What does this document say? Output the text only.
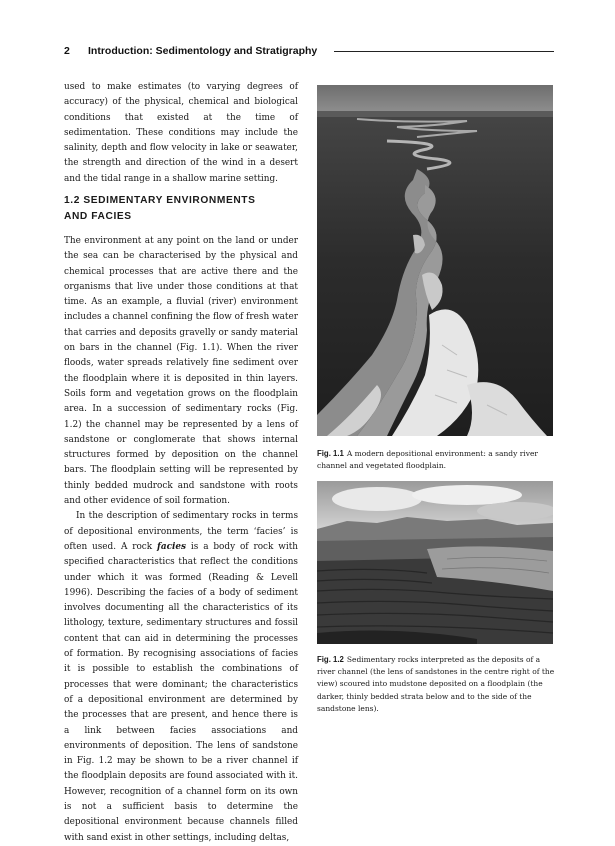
2 Introduction: Sedimentology and Stratigraphy

used to make estimates (to varying degrees of accuracy) of the physical, chemical and biological conditions that existed at the time of sedimentation. These conditions may include the salinity, depth and flow velocity in lake or seawater, the strength and direction of the wind in a desert and the tidal range in a shallow marine setting.

1.2 SEDIMENTARY ENVIRONMENTS
AND FACIES

The environment at any point on the land or under the sea can be characterised by the physical and chemical processes that are active there and the organisms that live under those conditions at that time. As an example, a fluvial (river) environment includes a channel confining the flow of fresh water that carries and deposits gravelly or sandy material on bars in the channel (Fig. 1.1). When the river floods, water spreads relatively fine sediment over the floodplain where it is deposited in thin layers. Soils form and vegetation grows on the floodplain area. In a succession of sedimentary rocks (Fig. 1.2) the channel may be represented by a lens of sandstone or conglomerate that shows internal structures formed by deposition on the channel bars. The floodplain setting will be represented by thinly bedded mudrock and sandstone with roots and other evidence of soil formation.

In the description of sedimentary rocks in terms of depositional environments, the term ‘facies’ is often used. A rock facies is a body of rock with specified characteristics that reflect the conditions under which it was formed (Reading & Levell 1996). Describing the facies of a body of sediment involves documenting all the characteristics of its lithology, texture, sedimentary structures and fossil content that can aid in determining the processes of formation. By recognising associations of facies it is possible to establish the combinations of processes that were dominant; the characteristics of a depositional environment are determined by the processes that are present, and hence there is a link between facies associations and environments of deposition. The lens of sandstone in Fig. 1.2 may be shown to be a river channel if the floodplain deposits are found associated with it. However, recognition of a channel form on its own is not a sufficient basis to determine the depositional environment because channels filled with sand exist in other settings, including deltas,

Fig. 1.1 A modern depositional environment: a sandy river channel and vegetated floodplain.
Fig. 1.2 Sedimentary rocks interpreted as the deposits of a river channel (the lens of sandstones in the centre right of the view) scoured into mudstone deposited on a floodplain (the darker, thinly bedded strata below and to the side of the sandstone lens).
